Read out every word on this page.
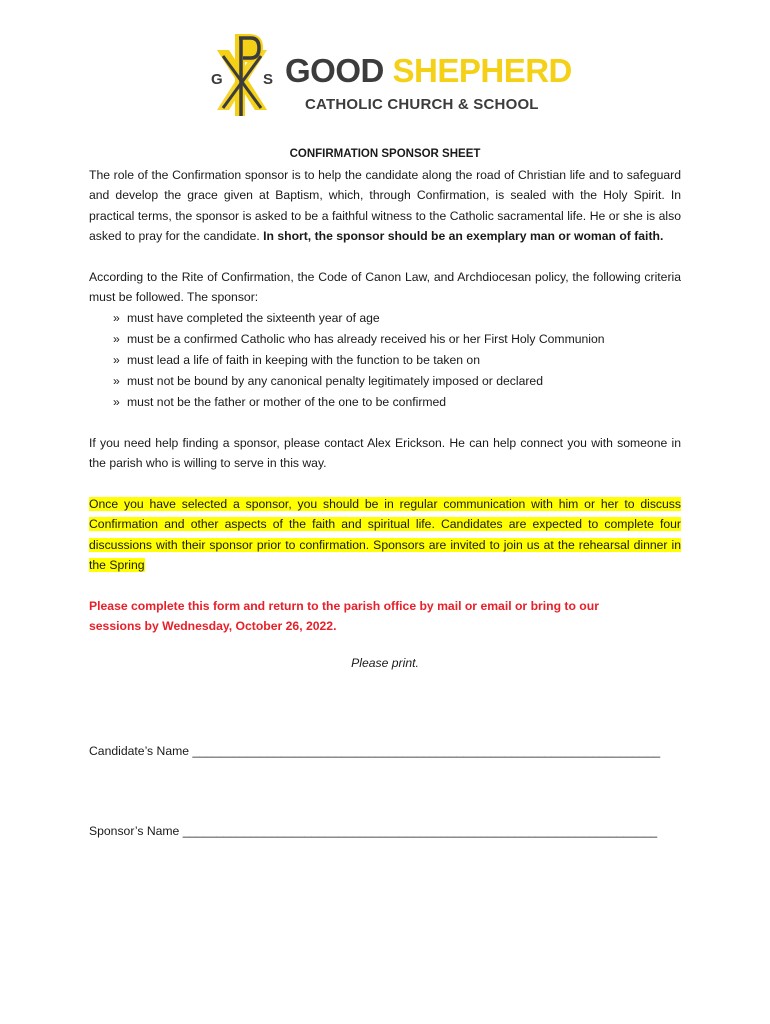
G	S GOOD SHEPHERD
CATHOLIC CHURCH & SCHOOL

CONFIRMATION SPONSOR SHEET

The role of the Confirmation sponsor is to help the candidate along the road of Christian life and to safeguard and develop the grace given at Baptism, which, through Confirmation, is sealed with the Holy Spirit. In practical terms, the sponsor is asked to be a faithful witness to the Catholic sacramental life. He or she is also asked to pray for the candidate. In short, the sponsor should be an exemplary man or woman of faith.

According to the Rite of Confirmation, the Code of Canon Law, and Archdiocesan policy, the following criteria must be followed. The sponsor:

» must have completed the sixteenth year of age
» must be a confirmed Catholic who has already received his or her First Holy Communion
» must lead a life of faith in keeping with the function to be taken on
» must not be bound by any canonical penalty legitimately imposed or declared
» must not be the father or mother of the one to be confirmed

If you need help finding a sponsor, please contact Alex Erickson. He can help connect you with someone in the parish who is willing to serve in this way.

Once you have selected a sponsor, you should be in regular communication with him or her to discuss Confirmation and other aspects of the faith and spiritual life. Candidates are expected to complete four discussions with their sponsor prior to confirmation. Sponsors are invited to join us at the rehearsal dinner in the Spring

Please complete this form and return to the parish office by mail or email or bring to our

sessions by Wednesday, October 26, 2022.

Please print.

Candidate’s Name _____________________________________________________________________
Sponsor’s Name ______________________________________________________________________
